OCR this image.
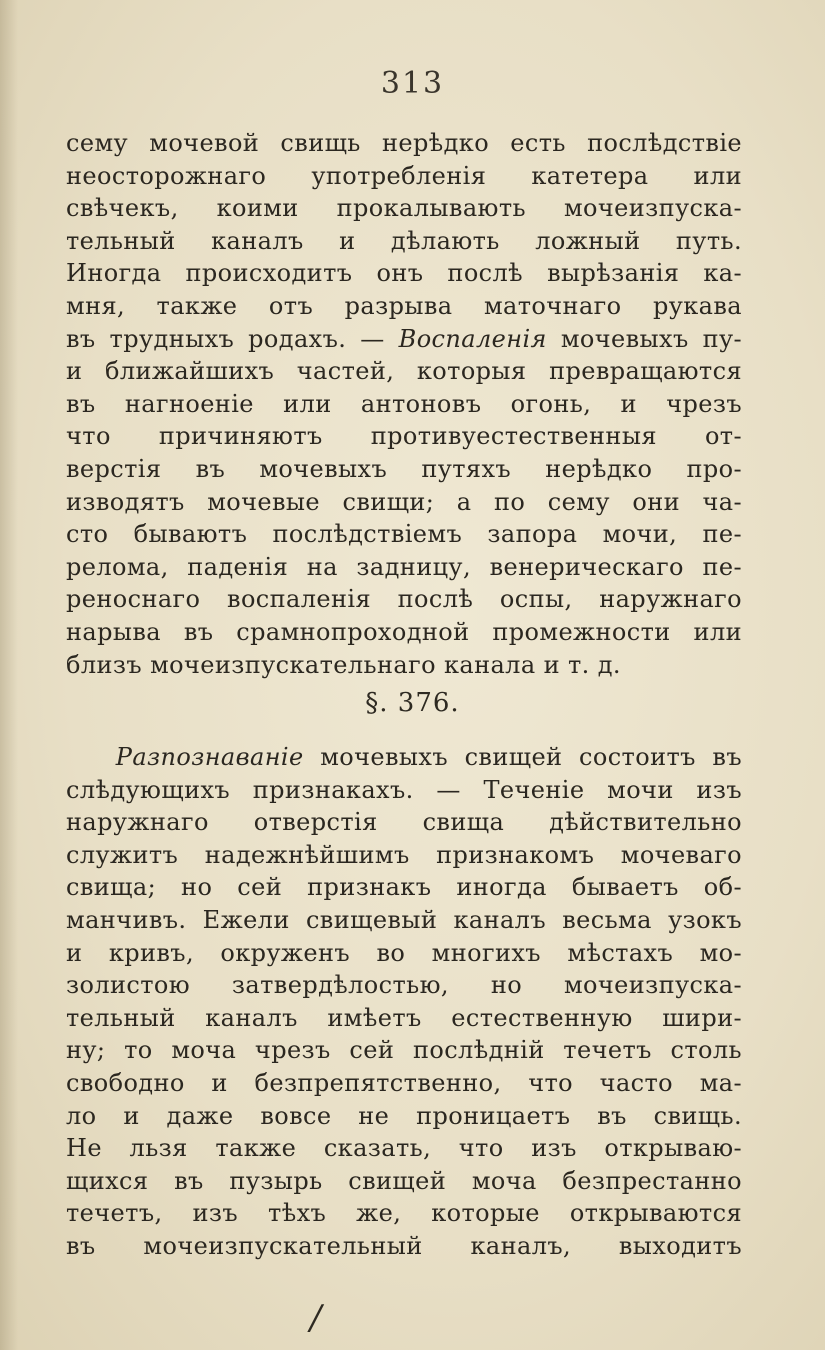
313
сему мочевой свищь нерѣдко есть послѣдствіе
неосторожнаго употребленія катетера или
свѣчекъ, коими прокалывають мочеизпуска-
тельный каналъ и дѣлають ложный путь.
Иногда происходитъ онъ послѣ вырѣзанія ка-
мня, также отъ разрыва маточнаго рукава
въ трудныхъ родахъ. — Воспаленія мочевыхъ пу-
и ближайшихъ частей, которыя превращаются
въ нагноеніе или антоновъ огонь, и чрезъ
что причиняютъ противуестественныя от-
верстія въ мочевыхъ путяхъ нерѣдко про-
изводятъ мочевые свищи; а по сему они ча-
сто бываютъ послѣдствіемъ запора мочи, пе-
релома, паденія на задницу, венерическаго пе-
реноснаго воспаленія послѣ оспы, наружнаго
нарыва въ срамнопроходной промежности или
близъ мочеизпускательнаго канала и т. д.
§. 376.
Разпознаваніе мочевыхъ свищей состоитъ въ
слѣдующихъ признакахъ. — Теченіе мочи изъ
наружнаго отверстія свища дѣйствительно
служитъ надежнѣйшимъ признакомъ мочеваго
свища; но сей признакъ иногда бываетъ об-
манчивъ. Ежели свищевый каналъ весьма узокъ
и кривъ, окруженъ во многихъ мѣстахъ мо-
золистою затвердѣлостью, но мочеизпуска-
тельный каналъ имѣетъ естественную шири-
ну; то моча чрезъ сей послѣдній течетъ столь
свободно и безпрепятственно, что часто ма-
ло и даже вовсе не проницаетъ въ свищь.
Не льзя также сказать, что изъ открываю-
щихся въ пузырь свищей моча безпрестанно
течетъ, изъ тѣхъ же, которые открываются
въ мочеизпускательный каналъ, выходитъ
/
